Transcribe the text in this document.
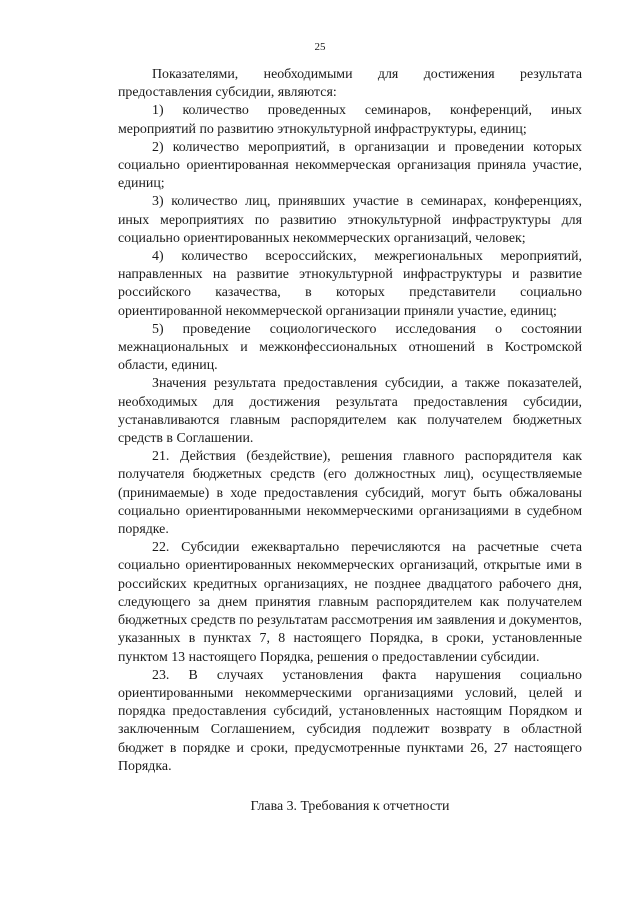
25

Показателями, необходимыми для достижения результата предоставления субсидии, являются:

1) количество проведенных семинаров, конференций, иных мероприятий по развитию этнокультурной инфраструктуры, единиц;

2) количество мероприятий, в организации и проведении которых социально ориентированная некоммерческая организация приняла участие, единиц;

3) количество лиц, принявших участие в семинарах, конференциях, иных мероприятиях по развитию этнокультурной инфраструктуры для социально ориентированных некоммерческих организаций, человек;

4) количество всероссийских, межрегиональных мероприятий, направленных на развитие этнокультурной инфраструктуры и развитие российского казачества, в которых представители социально ориентированной некоммерческой организации приняли участие, единиц;

5) проведение социологического исследования о состоянии межнациональных и межконфессиональных отношений в Костромской области, единиц.

Значения результата предоставления субсидии, а также показателей, необходимых для достижения результата предоставления субсидии, устанавливаются главным распорядителем как получателем бюджетных средств в Соглашении.

21. Действия (бездействие), решения главного распорядителя как получателя бюджетных средств (его должностных лиц), осуществляемые (принимаемые) в ходе предоставления субсидий, могут быть обжалованы социально ориентированными некоммерческими организациями в судебном порядке.

22. Субсидии ежеквартально перечисляются на расчетные счета социально ориентированных некоммерческих организаций, открытые ими в российских кредитных организациях, не позднее двадцатого рабочего дня, следующего за днем принятия главным распорядителем как получателем бюджетных средств по результатам рассмотрения им заявления и документов, указанных в пунктах 7, 8 настоящего Порядка, в сроки, установленные пунктом 13 настоящего Порядка, решения о предоставлении субсидии.

23. В случаях установления факта нарушения социально ориентированными некоммерческими организациями условий, целей и порядка предоставления субсидий, установленных настоящим Порядком и заключенным Соглашением, субсидия подлежит возврату в областной бюджет в порядке и сроки, предусмотренные пунктами 26, 27 настоящего Порядка.

Глава 3. Требования к отчетности
